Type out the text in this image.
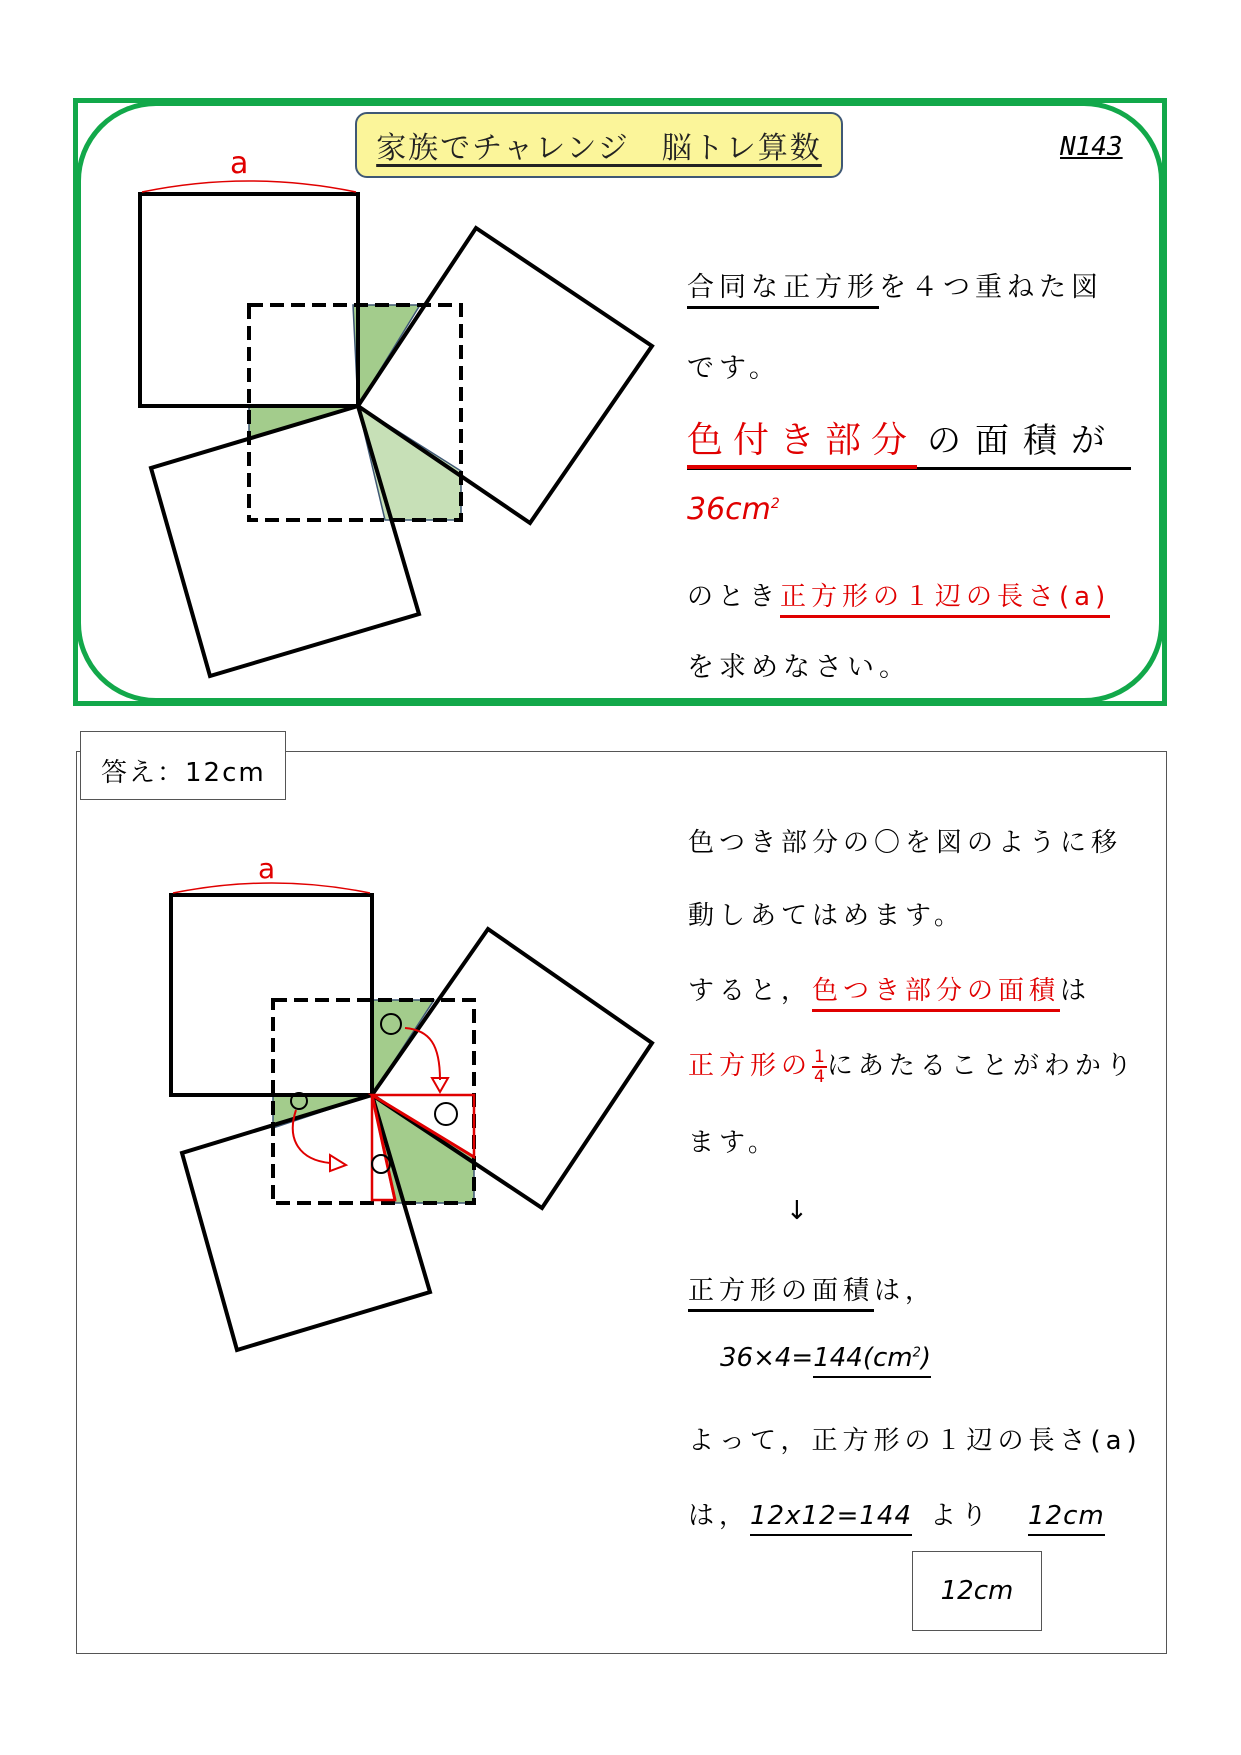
家族でチャレンジ　脳トレ算数	N143
a
合同な正方形を４つ重ねた図
です。
色付き部分 の面積が
$36cm^2$
のとき正方形の１辺の長さ(a)
を求めなさい。
答え：12cm
a
色つき部分の〇を図のように移
動しあてはめます。
すると，色つき部分の面積は
正方形の $\frac{1}{4}$ にあたることがわかり
ます。
↓
正方形の面積は，
$36\times 4=144(cm^2)$
よって，正方形の１辺の長さ(a)
は，12x12=144 より 12cm
12cm
